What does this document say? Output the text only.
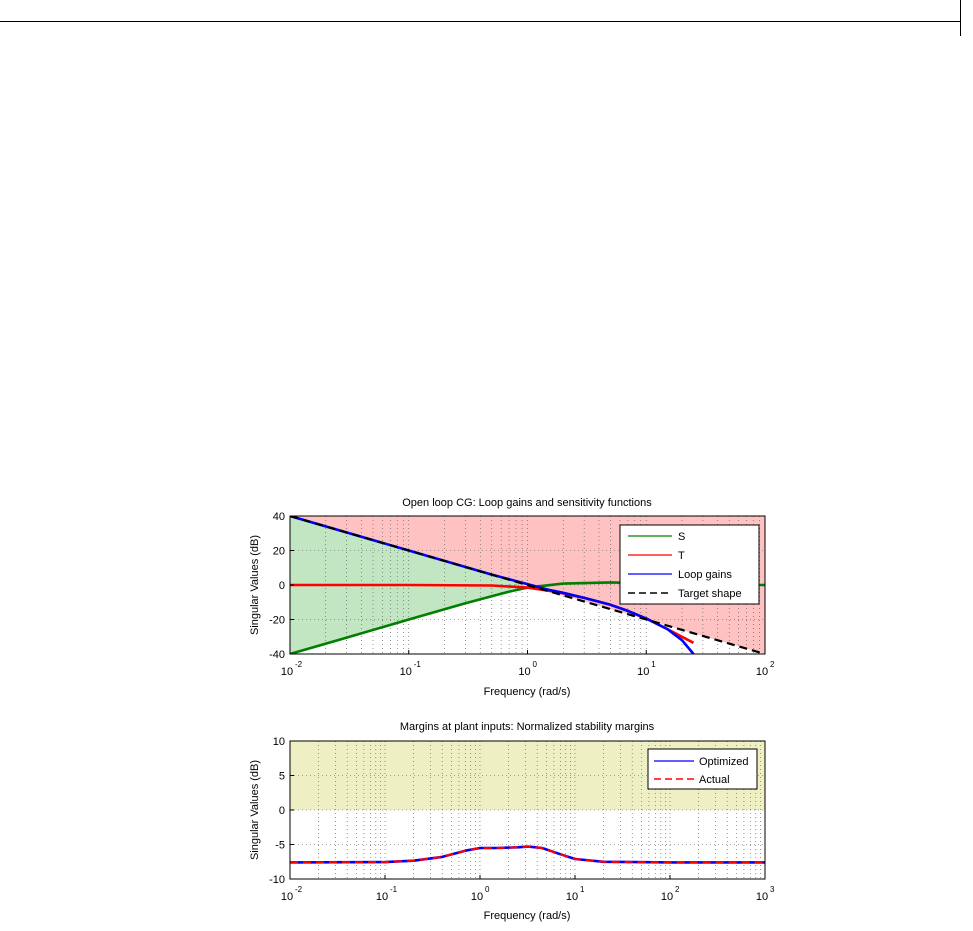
-40
-20
0
20
40
10
-2
10
-1
10
0
10
1
10
2
Open loop CG: Loop gains and sensitivity functions
Frequency (rad/s)
Singular Values (dB)	S
T
Loop gains
Target shape
-10
-5
0
5
10
10
-2
10
-1
10
0
10
1
10
2
10
3
Margins at plant inputs: Normalized stability margins
Frequency (rad/s)
Singular Values (dB)	Optimized
Actual
